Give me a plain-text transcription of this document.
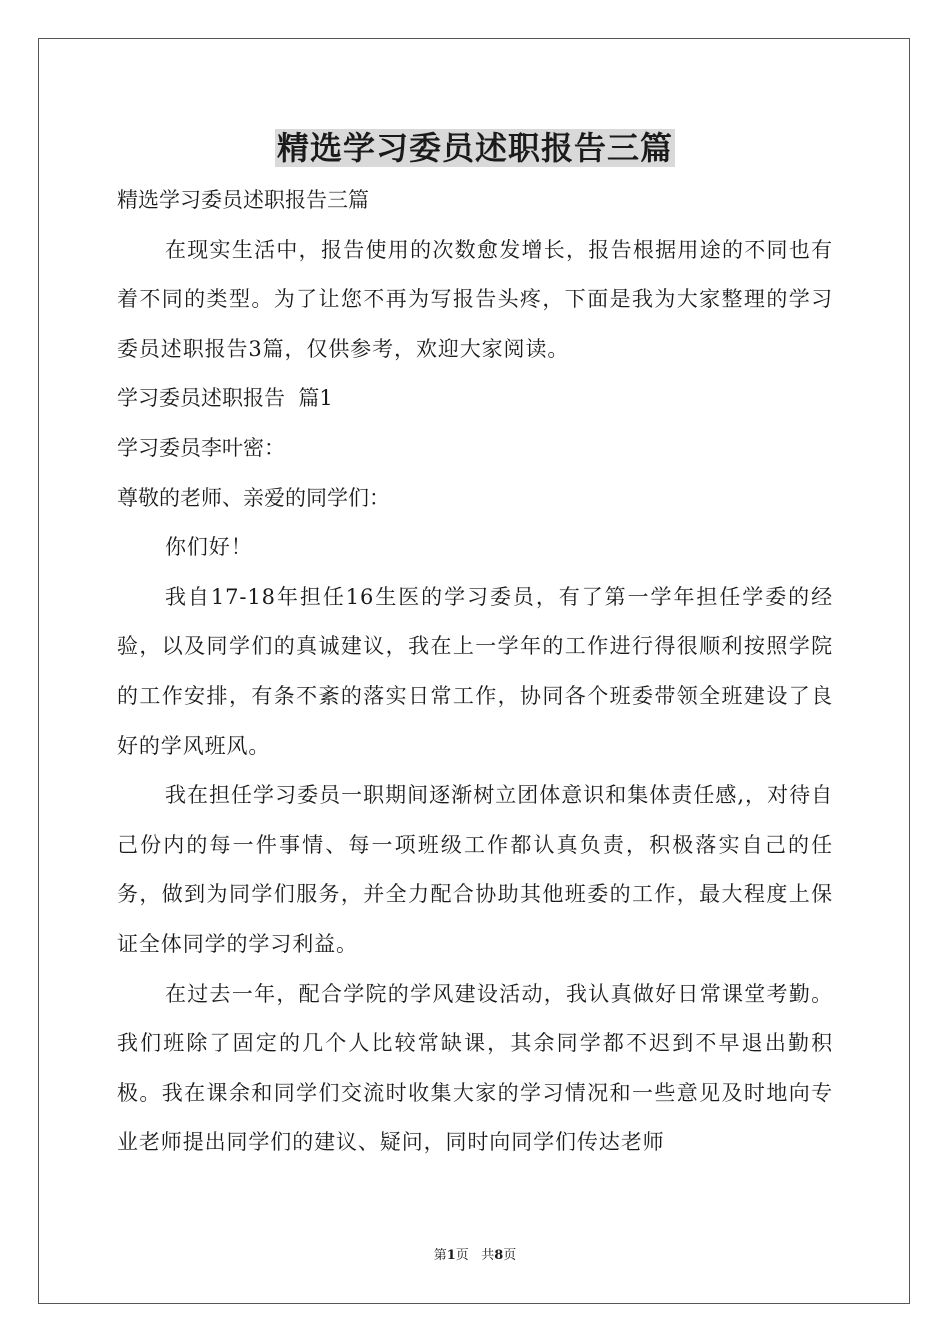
精选学习委员述职报告三篇
精选学习委员述职报告三篇
在现实生活中，报告使用的次数愈发增长，报告根据用途的不同也有着不同的类型。为了让您不再为写报告头疼，下面是我为大家整理的学习委员述职报告3篇，仅供参考，欢迎大家阅读。
学习委员述职报告  篇1
学习委员李叶密：
尊敬的老师、亲爱的同学们：
你们好！
我自17-18年担任16生医的学习委员，有了第一学年担任学委的经验，以及同学们的真诚建议，我在上一学年的工作进行得很顺利按照学院的工作安排，有条不紊的落实日常工作，协同各个班委带领全班建设了良好的学风班风。
我在担任学习委员一职期间逐渐树立团体意识和集体责任感,，对待自己份内的每一件事情、每一项班级工作都认真负责，积极落实自己的任务，做到为同学们服务，并全力配合协助其他班委的工作，最大程度上保证全体同学的学习利益。
在过去一年，配合学院的学风建设活动，我认真做好日常课堂考勤。我们班除了固定的几个人比较常缺课，其余同学都不迟到不早退出勤积极。我在课余和同学们交流时收集大家的学习情况和一些意见及时地向专业老师提出同学们的建议、疑问，同时向同学们传达老师
第1页 共8页
